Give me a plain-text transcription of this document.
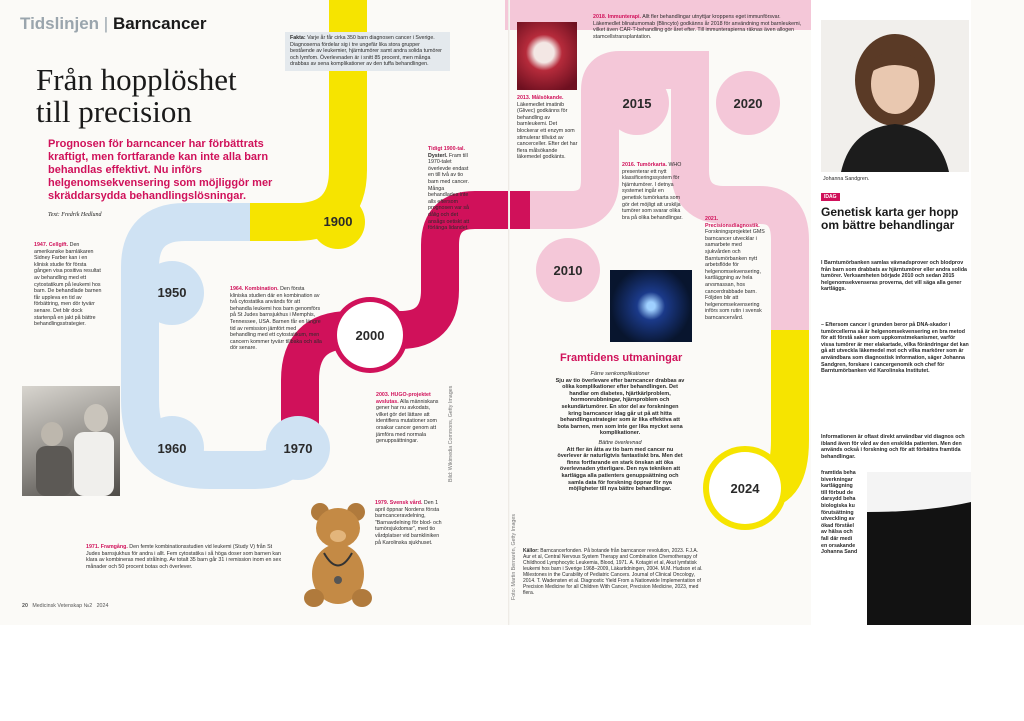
Tidslinjen | Barncancer
Från hopplöshet
till precision
Prognosen för barncancer har förbättrats kraftigt, men fortfarande kan inte alla barn behandlas effektivt. Nu införs helgenomsekvensering som möjliggör mer skräddarsydda behandlingslösningar.
Text: Fredrik Hedlund
Fakta: Varje år får cirka 350 barn diagnosen cancer i Sverige. Diagnoserna fördelar sig i tre ungefär lika stora grupper bestående av leukemier, hjärntumörer samt andra solida tumörer och lymfom. Överlevnaden är i snitt 85 procent, men många drabbas av sena komplikationer av den tuffa behandlingen.
1900
1950
1960	1970
2000
2010
2015	2020
2024
Tidigt 1900-tal. Dysterl. Fram till 1970-talet överlevde endast en till två av tio barn med cancer. Många behandlades inte alls eftersom prognosen var så dålig och det ansågs oetiskt att förlänga lidandet.
1947. Cellgift. Den amerikanske barnläkaren Sidney Farber kan i en klinisk studie för första gången visa positiva resultat av behandling med ett cytostatikum på leukemi hos barn. De behandlade barnen får uppleva en tid av förbättring, men dör tyvärr senare. Det blir dock startenpå en jakt på bättre behandlingsstrategier.
1964. Kombination. Den första kliniska studien där en kombination av två cytostatika används för att behandla leukemi hos barn genomförs på St Judes barnsjukhus i Memphis, Tennessee, USA. Barnen får en längre tid av remission jämfört med behandling med ett cytostatikum, men cancern kommer tyvärr tillbaka och alla dör senare.
2003. HUGO-projektet avslutas. Alla människans gener har nu avkodats, vilket gör det lättare att identifiera mutationer som orsakar cancer genom att jämföra med normala genuppsättningar.
1979. Svensk vård. Den 1 april öppnar Nordens första barncanceravdelning, ”Barnavdelning för blod- och tumörsjukdomar”, med tio vårdplatser vid barnkliniken på Karolinska sjukhuset.
1971. Framgång. Den femte kombinationsstudien vid leukemi (Study V) från St Judes barnsjukhus för andra i allt. Fem cytostatika i så höga doser som barnen kan klara av kombineras med strålning. Av totalt 35 barn går 31 i remission inom en sex månader och 50 procent botas och överlever.
Bild: Wikimedia Commons, Getty Images
20 Medicinsk Vetenskap №2 2024
2018. Immunterapi. Allt fler behandlingar utnyttjar kroppens eget immunförsvar. Läkemedlet blinatumomab (Blincyto) godkänns år 2018 för användning mot barnleukemi, vilket även CAR-T-behandling gör året efter. Till immunterapierna räknas även allogen stamcellstransplantation.
2013. Målsökande. Läkemedlet imatinib (Glivec) godkänns för behandling av barnleukemi. Det blockerar ett enzym som stimulerar tillväxt av cancerceller. Efter det har flera målsökande läkemedel godkänts.
2016. Tumörkarta. WHO presenterar ett nytt klassificeringssystem för hjärntumörer. I detnya systemet ingår en genetisk tumörkarta som gör det möjligt att urskilja tumörer som svarar olika bra på olika behandlingar.	2021. Precisionsdiagnostik. Forskningsprojektet GMS barncancer utvecklar i samarbete med sjukvården och Barntumörbanken nytt arbetsflöde för helgenomsekvensering, kartläggning av hela arvsmassan, hos cancerdrabbade barn. Följden blir att helgenomsekvensering införs som rutin i svensk barncancervård.
Framtidens utmaningar
Färre senkomplikationer
Sju av tio överlevare efter barncancer drabbas av olika komplikationer efter behandlingen. Det handlar om diabetes, hjärtkärlproblem, hormonrubbningar, hjärnproblem och sekundärtumörer. En stor del av forskningen kring barncancer idag går ut på att hitta behandlingsstrategier som är lika effektiva att bota barnen, men som inte ger lika mycket sena komplikationer.
Bättre överlevnad
Att fler än åtta av tio barn med cancer nu överlever är naturligtvis fantastiskt bra. Men det finns fortfarande en stark önskan att öka överlevnaden ytterligare. Den nya tekniken att kartlägga alla patienters genuppsättning och samla data för forskning öppnar för nya möjligheter till nya bättre behandlingar.
Källor: Barncancerfonden. På botande från barncancer revolution, 2023. F.J.A. Aur et al, Central Nervous System Therapy and Combination Chemotherapy of Childhood Lymphocytic Leukemia, Blood, 1971. A. Kotagiri et al, Akut lymfatisk leukemi hos barn i Sverige 1968–2009, Läkartidningen, 2004. M.M. Hudson et al. Milestones in the Curability of Pediatric Cancers. Journal of Clinical Oncology, 2014. T. Wadensten et al. Diagnostic Yield From a Nationwide Implementation of Precision Medicine for all Children With Cancer, Precision Medicine, 2023, med flera.
Foto: Martin Bernarén, Getty Images
Johanna Sandgren.
IDAG
Genetisk karta ger hopp om bättre behandlingar
I Barntumörbanken samlas vävnadsprover och blodprov från barn som drabbats av hjärntumörer eller andra solida tumörer. Verksamheten började 2010 och sedan 2015 helgenomsekvenseras proverna, det vill säga alla gener kartläggs.
– Eftersom cancer i grunden beror på DNA-skador i tumörcellerna så är helgenomsekvensering en bra metod för att förstå saker som uppkomstmekanismer, varför vissa tumörer är mer elakartade, vilka förändringar det kan gå att utveckla läkemedel mot och vilka markörer som är användbara som diagnostisk information, säger Johanna Sandgren, forskare i cancergenomik och chef för Barntumörbanken vid Karolinska Institutet.
Informationen är oftast direkt användbar vid diagnos och ibland även för vård av den enskilda patienten. Men den används också i forskning och för att förbättra framtida behandlingar.
framtida beha
biverkningar
kartläggning
till förbud de
darsydd beha
biologiska ku
förutsättning
utveckling av
ökad förståel
av hälsa och
fall där medi
en orsakande
Johanna Sand
